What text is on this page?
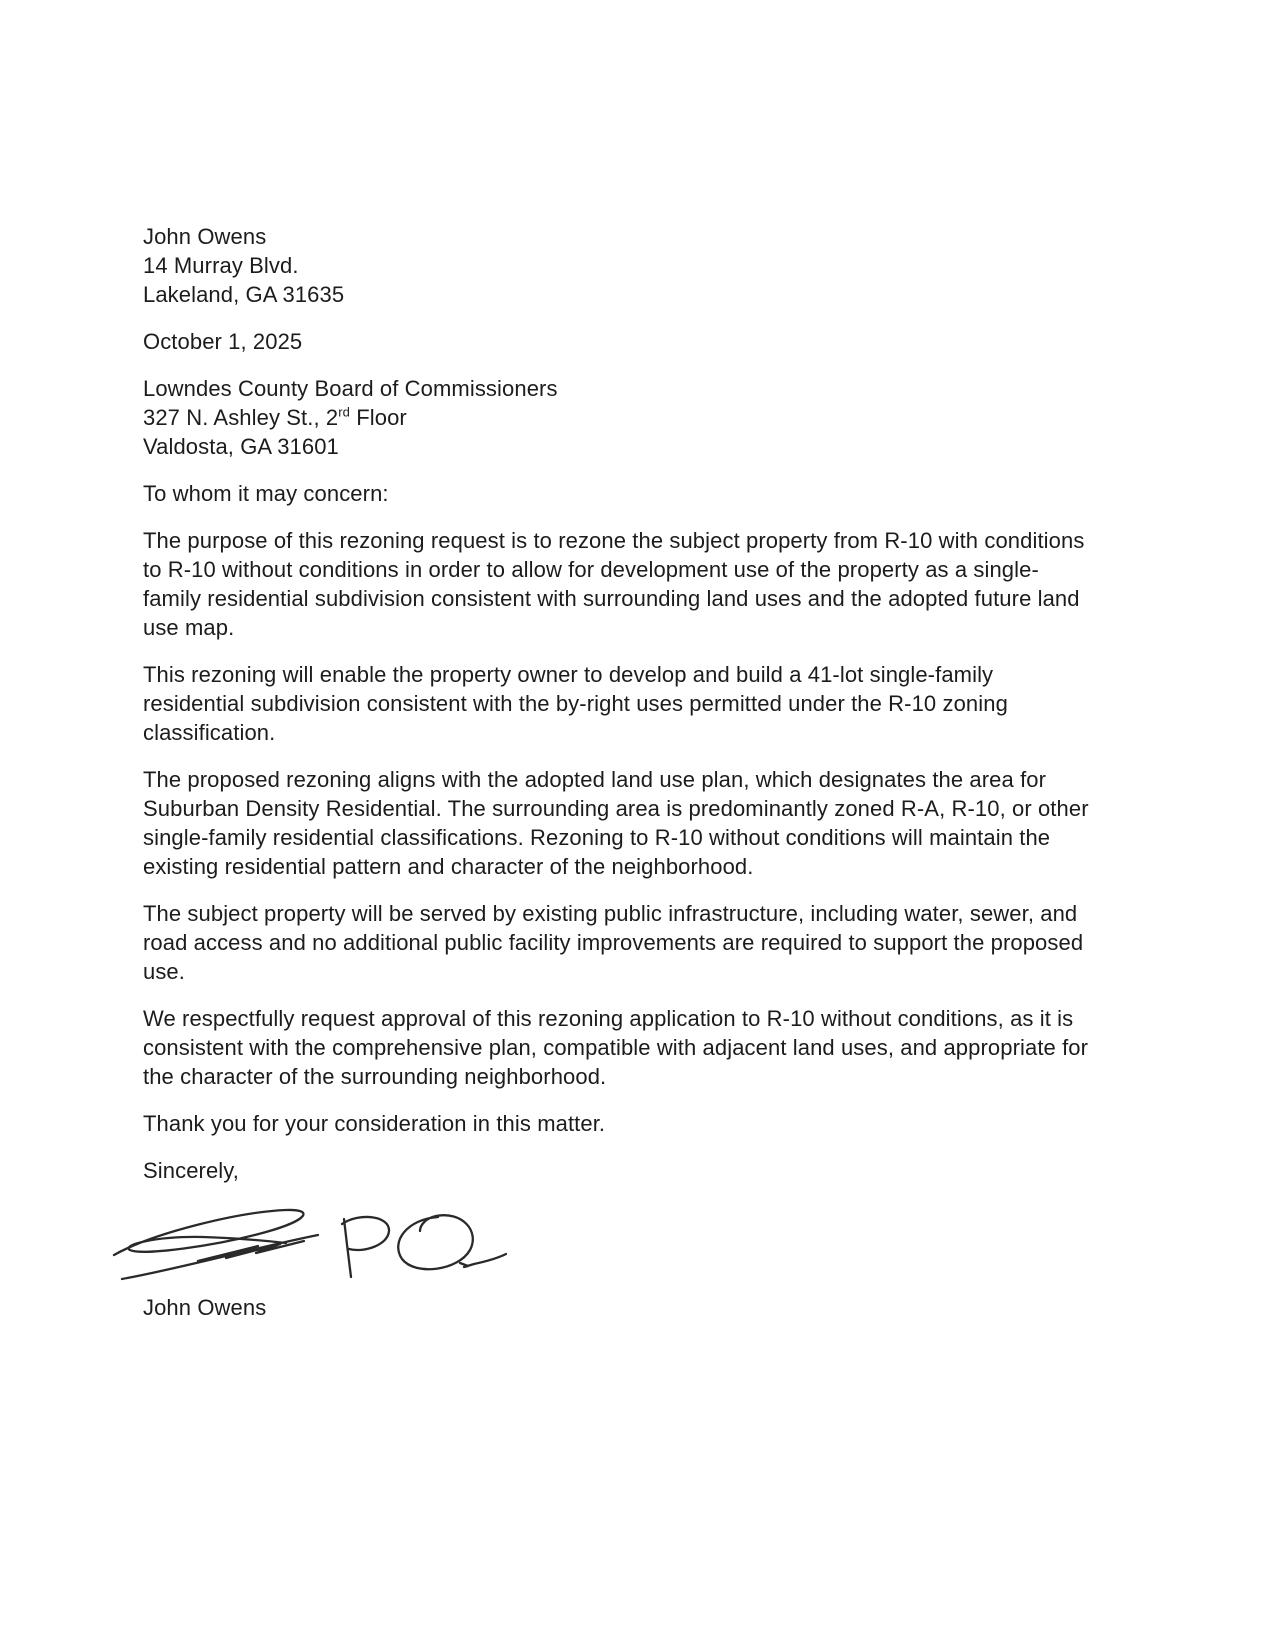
John Owens
14 Murray Blvd.
Lakeland, GA 31635
October 1, 2025
Lowndes County Board of Commissioners
327 N. Ashley St., 2rd Floor
Valdosta, GA 31601

To whom it may concern:

The purpose of this rezoning request is to rezone the subject property from R-10 with conditions to R-10 without conditions in order to allow for development use of the property as a single-family residential subdivision consistent with surrounding land uses and the adopted future land use map.

This rezoning will enable the property owner to develop and build a 41-lot single-family residential subdivision consistent with the by-right uses permitted under the R-10 zoning classification.

The proposed rezoning aligns with the adopted land use plan, which designates the area for Suburban Density Residential. The surrounding area is predominantly zoned R-A, R-10, or other single-family residential classifications. Rezoning to R-10 without conditions will maintain the existing residential pattern and character of the neighborhood.

The subject property will be served by existing public infrastructure, including water, sewer, and road access and no additional public facility improvements are required to support the proposed use.

We respectfully request approval of this rezoning application to R-10 without conditions, as it is consistent with the comprehensive plan, compatible with adjacent land uses, and appropriate for the character of the surrounding neighborhood.

Thank you for your consideration in this matter.

Sincerely,

John Owens
